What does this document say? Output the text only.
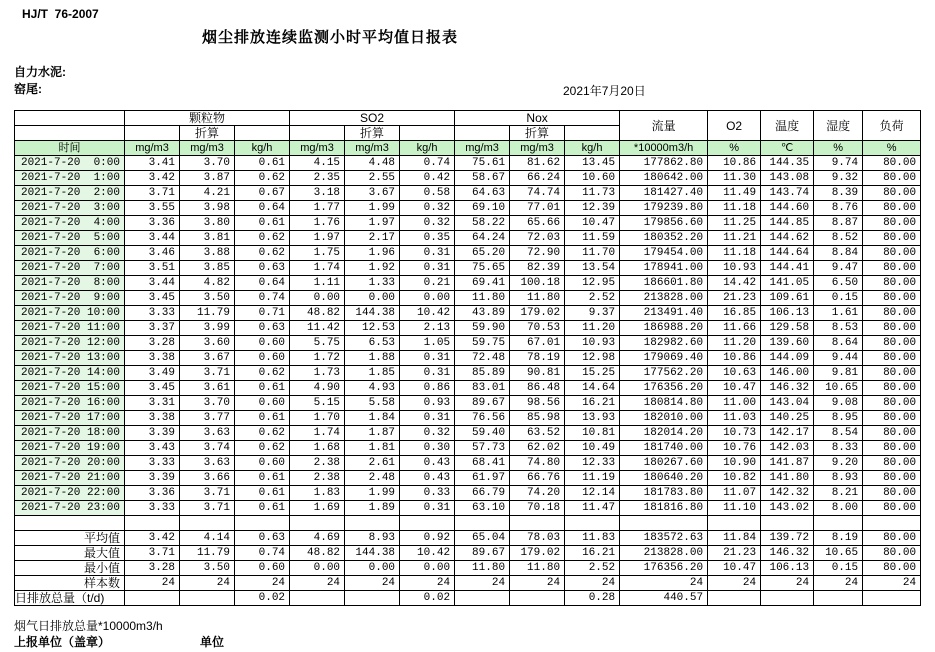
HJ/T  76-2007
烟尘排放连续监测小时平均值日报表
自力水泥:
窑尾:	2021年7月20日
	颗粒物			SO2			Nox			流量	O2	温度	湿度	负荷
		折算			折算			折算						
时间	mg/m3	mg/m3	kg/h	mg/m3	mg/m3	kg/h	mg/m3	mg/m3	kg/h	*10000m3/h	%	℃	%	%
2021-7-20  0:00	3.41	3.70	0.61	4.15	4.48	0.74	75.61	81.62	13.45	177862.80	10.86	144.35	9.74	80.00
2021-7-20  1:00	3.42	3.87	0.62	2.35	2.55	0.42	58.67	66.24	10.60	180642.00	11.30	143.08	9.32	80.00
2021-7-20  2:00	3.71	4.21	0.67	3.18	3.67	0.58	64.63	74.74	11.73	181427.40	11.49	143.74	8.39	80.00
2021-7-20  3:00	3.55	3.98	0.64	1.77	1.99	0.32	69.10	77.01	12.39	179239.80	11.18	144.60	8.76	80.00
2021-7-20  4:00	3.36	3.80	0.61	1.76	1.97	0.32	58.22	65.66	10.47	179856.60	11.25	144.85	8.87	80.00
2021-7-20  5:00	3.44	3.81	0.62	1.97	2.17	0.35	64.24	72.03	11.59	180352.20	11.21	144.62	8.52	80.00
2021-7-20  6:00	3.46	3.88	0.62	1.75	1.96	0.31	65.20	72.90	11.70	179454.00	11.18	144.64	8.84	80.00
2021-7-20  7:00	3.51	3.85	0.63	1.74	1.92	0.31	75.65	82.39	13.54	178941.00	10.93	144.41	9.47	80.00
2021-7-20  8:00	3.44	4.82	0.64	1.11	1.33	0.21	69.41	100.18	12.95	186601.80	14.42	141.05	6.50	80.00
2021-7-20  9:00	3.45	3.50	0.74	0.00	0.00	0.00	11.80	11.80	2.52	213828.00	21.23	109.61	0.15	80.00
2021-7-20 10:00	3.33	11.79	0.71	48.82	144.38	10.42	43.89	179.02	9.37	213491.40	16.85	106.13	1.61	80.00
2021-7-20 11:00	3.37	3.99	0.63	11.42	12.53	2.13	59.90	70.53	11.20	186988.20	11.66	129.58	8.53	80.00
2021-7-20 12:00	3.28	3.60	0.60	5.75	6.53	1.05	59.75	67.01	10.93	182982.60	11.20	139.60	8.64	80.00
2021-7-20 13:00	3.38	3.67	0.60	1.72	1.88	0.31	72.48	78.19	12.98	179069.40	10.86	144.09	9.44	80.00
2021-7-20 14:00	3.49	3.71	0.62	1.73	1.85	0.31	85.89	90.81	15.25	177562.20	10.63	146.00	9.81	80.00
2021-7-20 15:00	3.45	3.61	0.61	4.90	4.93	0.86	83.01	86.48	14.64	176356.20	10.47	146.32	10.65	80.00
2021-7-20 16:00	3.31	3.70	0.60	5.15	5.58	0.93	89.67	98.56	16.21	180814.80	11.00	143.04	9.08	80.00
2021-7-20 17:00	3.38	3.77	0.61	1.70	1.84	0.31	76.56	85.98	13.93	182010.00	11.03	140.25	8.95	80.00
2021-7-20 18:00	3.39	3.63	0.62	1.74	1.87	0.32	59.40	63.52	10.81	182014.20	10.73	142.17	8.54	80.00
2021-7-20 19:00	3.43	3.74	0.62	1.68	1.81	0.30	57.73	62.02	10.49	181740.00	10.76	142.03	8.33	80.00
2021-7-20 20:00	3.33	3.63	0.60	2.38	2.61	0.43	68.41	74.80	12.33	180267.60	10.90	141.87	9.20	80.00
2021-7-20 21:00	3.39	3.66	0.61	2.38	2.48	0.43	61.97	66.76	11.19	180640.20	10.82	141.80	8.93	80.00
2021-7-20 22:00	3.36	3.71	0.61	1.83	1.99	0.33	66.79	74.20	12.14	181783.80	11.07	142.32	8.21	80.00
2021-7-20 23:00	3.33	3.71	0.61	1.69	1.89	0.31	63.10	70.18	11.47	181816.80	11.10	143.02	8.00	80.00

平均值	3.42	4.14	0.63	4.69	8.93	0.92	65.04	78.03	11.83	183572.63	11.84	139.72	8.19	80.00
最大值	3.71	11.79	0.74	48.82	144.38	10.42	89.67	179.02	16.21	213828.00	21.23	146.32	10.65	80.00
最小值	3.28	3.50	0.60	0.00	0.00	0.00	11.80	11.80	2.52	176356.20	10.47	106.13	0.15	80.00
样本数	24	24	24	24	24	24	24	24	24	24	24	24	24	24
日排放总量（t/d)			0.02			0.02			0.28	440.57				
烟气日排放总量*10000m3/h
上报单位（盖章）	单位
